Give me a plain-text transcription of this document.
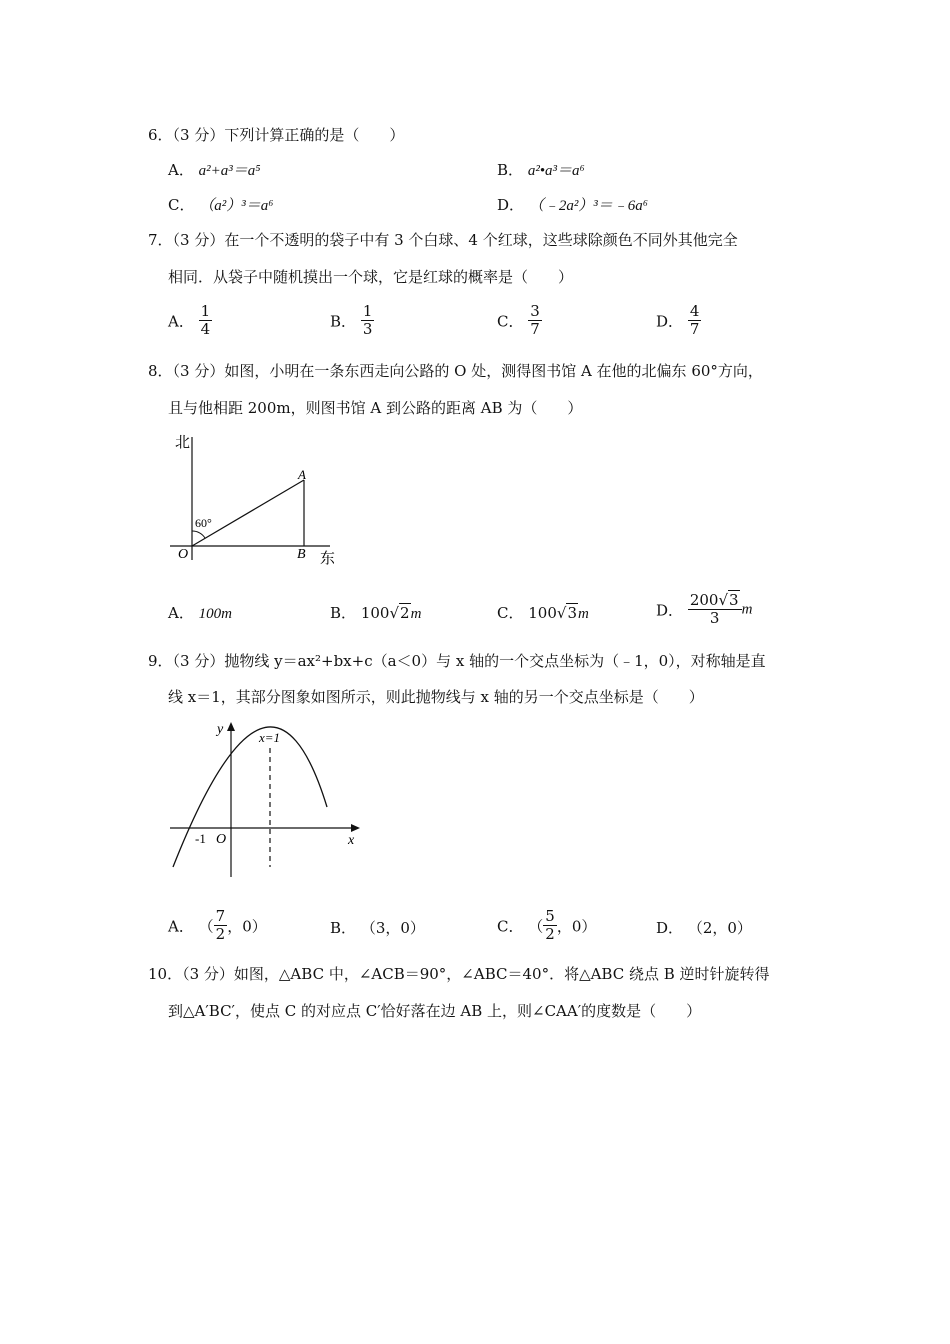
6．（3 分）下列计算正确的是（　　）
A． a²+a³＝a⁵	B． a²•a³＝a⁶
C． （a²）³＝a⁶	D． （﹣2a²）³＝﹣6a⁶
7．（3 分）在一个不透明的袋子中有 3 个白球、4 个红球，这些球除颜色不同外其他完全
相同．从袋子中随机摸出一个球，它是红球的概率是（　　）
A． $\frac{1}{4}$	B． $\frac{1}{3}$	C． $\frac{3}{7}$	D． $\frac{4}{7}$
8．（3 分）如图，小明在一条东西走向公路的 O 处，测得图书馆 A 在他的北偏东 60°方向，
且与他相距 200m，则图书馆 A 到公路的距离 AB 为（　　）
北
东
60°
O
A
B
A． 100m	B． 100√2m	C． 100√3m	D． $\frac{200√3}{3}$ m
9．（3 分）抛物线 y＝ax²+bx+c（a＜0）与 x 轴的一个交点坐标为（﹣1，0），对称轴是直
线 x＝1，其部分图象如图所示，则此抛物线与 x 轴的另一个交点坐标是（　　）
y
x
x=1
O
-1
A． （ $\frac{7}{2}$ ，0）	B． （3，0）	C． （ $\frac{5}{2}$ ，0）	D． （2，0）
10．（3 分）如图，△ABC 中，∠ACB＝90°，∠ABC＝40°．将△ABC 绕点 B 逆时针旋转得
到△A′BC′，使点 C 的对应点 C′恰好落在边 AB 上，则∠CAA′的度数是（　　）
